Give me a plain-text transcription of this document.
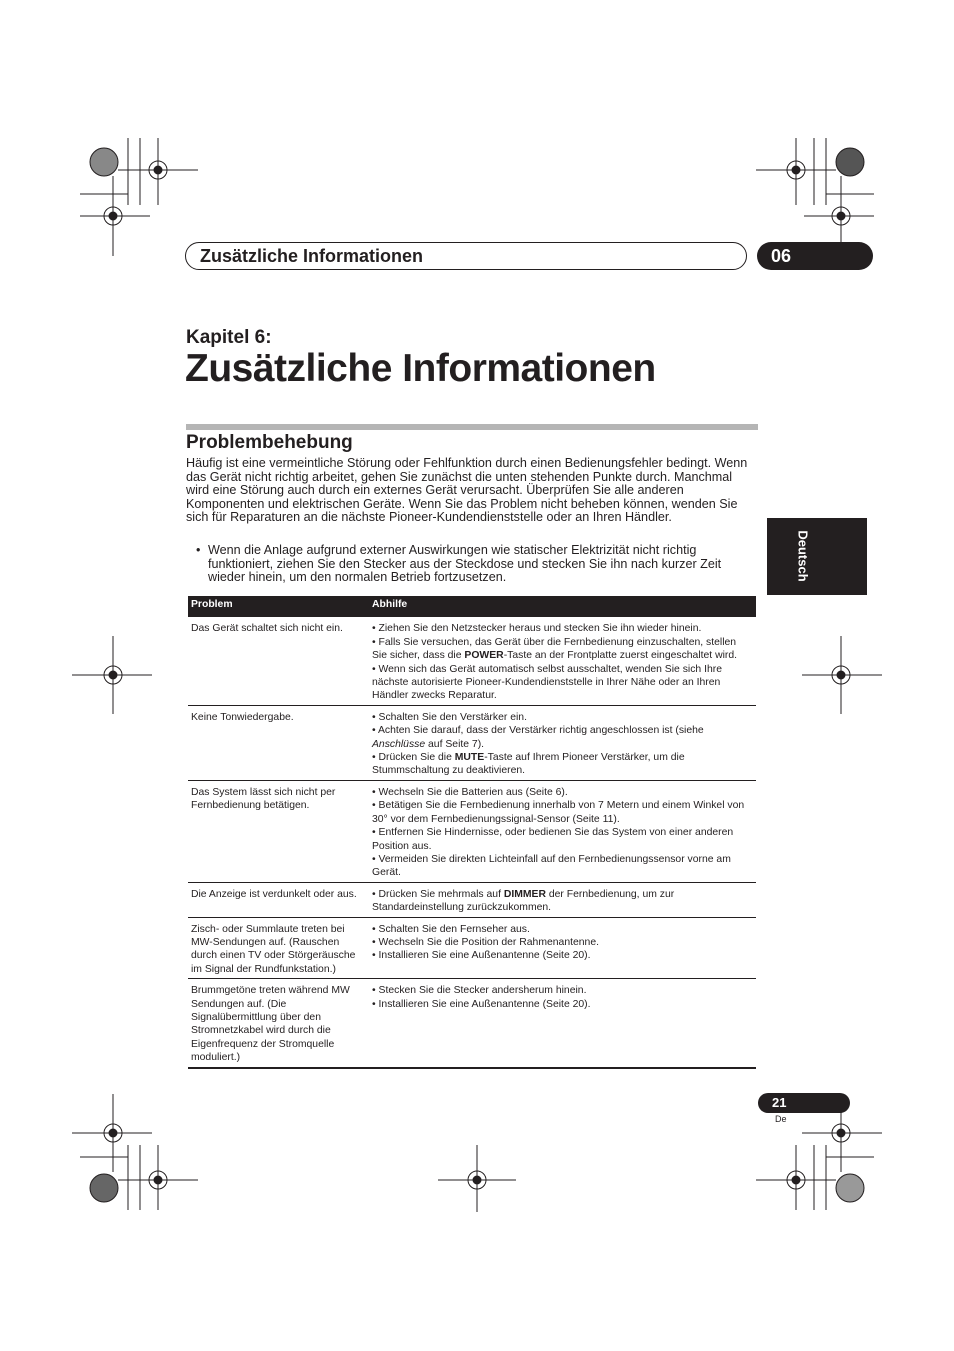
Zusätzliche Informationen	06
Kapitel 6:
Zusätzliche Informationen
Problembehebung
Häufig ist eine vermeintliche Störung oder Fehlfunktion durch einen Bedienungsfehler bedingt. Wenn das Gerät nicht richtig arbeitet, gehen Sie zunächst die unten stehenden Punkte durch. Manchmal wird eine Störung auch durch ein externes Gerät verursacht. Überprüfen Sie alle anderen Komponenten und elektrischen Geräte. Wenn Sie das Problem nicht beheben können, wenden Sie sich für Reparaturen an die nächste Pioneer-Kundendienststelle oder an Ihren Händler.
• Wenn die Anlage aufgrund externer Auswirkungen wie statischer Elektrizität nicht richtig funktioniert, ziehen Sie den Stecker aus der Steckdose und stecken Sie ihn nach kurzer Zeit wieder hinein, um den normalen Betrieb fortzusetzen.	Deutsch
Problem	Abhilfe
Das Gerät schaltet sich nicht ein.	• Ziehen Sie den Netzstecker heraus und stecken Sie ihn wieder hinein.
• Falls Sie versuchen, das Gerät über die Fernbedienung einzuschalten, stellen Sie sicher, dass die POWER-Taste an der Frontplatte zuerst eingeschaltet wird.
• Wenn sich das Gerät automatisch selbst ausschaltet, wenden Sie sich Ihre nächste autorisierte Pioneer-Kundendienststelle in Ihrer Nähe oder an Ihren Händler zwecks Reparatur.
Keine Tonwiedergabe.	• Schalten Sie den Verstärker ein.
• Achten Sie darauf, dass der Verstärker richtig angeschlossen ist (siehe Anschlüsse auf Seite 7).
• Drücken Sie die MUTE-Taste auf Ihrem Pioneer Verstärker, um die Stummschaltung zu deaktivieren.
Das System lässt sich nicht per Fernbedienung betätigen.	• Wechseln Sie die Batterien aus (Seite 6).
• Betätigen Sie die Fernbedienung innerhalb von 7 Metern und einem Winkel von 30° vor dem Fernbedienungssignal-Sensor (Seite 11).
• Entfernen Sie Hindernisse, oder bedienen Sie das System von einer anderen Position aus.
• Vermeiden Sie direkten Lichteinfall auf den Fernbedienungssensor vorne am Gerät.
Die Anzeige ist verdunkelt oder aus.	• Drücken Sie mehrmals auf DIMMER der Fernbedienung, um zur Standardeinstellung zurückzukommen.
Zisch- oder Summlaute treten bei MW-Sendungen auf. (Rauschen durch einen TV oder Störgeräusche im Signal der Rundfunkstation.)	• Schalten Sie den Fernseher aus.
• Wechseln Sie die Position der Rahmenantenne.
• Installieren Sie eine Außenantenne (Seite 20).
Brummgetöne treten während MW Sendungen auf. (Die Signalübermittlung über den Stromnetzkabel wird durch die Eigenfrequenz der Stromquelle moduliert.)	• Stecken Sie die Stecker andersherum hinein.
• Installieren Sie eine Außenantenne (Seite 20).
21
De
